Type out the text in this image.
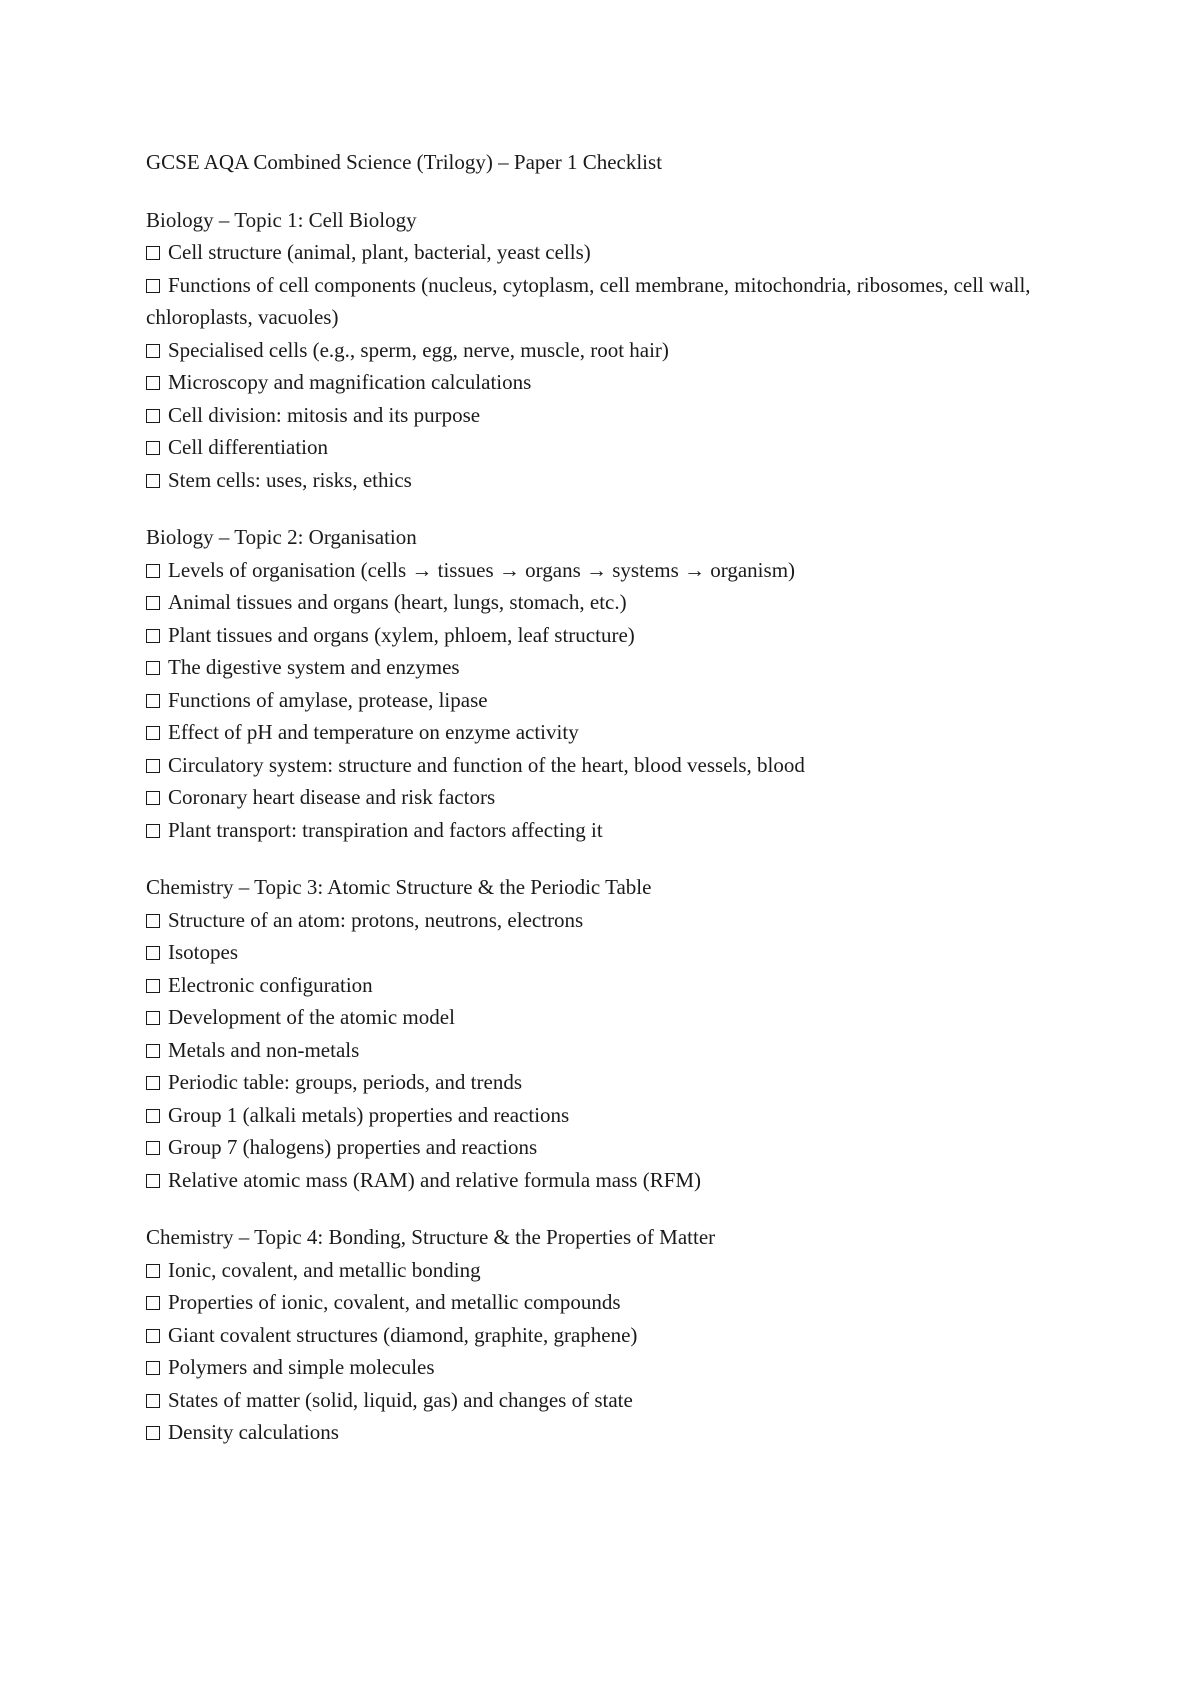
GCSE AQA Combined Science (Trilogy) – Paper 1 Checklist
Biology – Topic 1: Cell Biology
Cell structure (animal, plant, bacterial, yeast cells)
Functions of cell components (nucleus, cytoplasm, cell membrane, mitochondria, ribosomes, cell wall, chloroplasts, vacuoles)
Specialised cells (e.g., sperm, egg, nerve, muscle, root hair)
Microscopy and magnification calculations
Cell division: mitosis and its purpose
Cell differentiation
Stem cells: uses, risks, ethics
Biology – Topic 2: Organisation
Levels of organisation (cells → tissues → organs → systems → organism)
Animal tissues and organs (heart, lungs, stomach, etc.)
Plant tissues and organs (xylem, phloem, leaf structure)
The digestive system and enzymes
Functions of amylase, protease, lipase
Effect of pH and temperature on enzyme activity
Circulatory system: structure and function of the heart, blood vessels, blood
Coronary heart disease and risk factors
Plant transport: transpiration and factors affecting it
Chemistry – Topic 3: Atomic Structure & the Periodic Table
Structure of an atom: protons, neutrons, electrons
Isotopes
Electronic configuration
Development of the atomic model
Metals and non-metals
Periodic table: groups, periods, and trends
Group 1 (alkali metals) properties and reactions
Group 7 (halogens) properties and reactions
Relative atomic mass (RAM) and relative formula mass (RFM)
Chemistry – Topic 4: Bonding, Structure & the Properties of Matter
Ionic, covalent, and metallic bonding
Properties of ionic, covalent, and metallic compounds
Giant covalent structures (diamond, graphite, graphene)
Polymers and simple molecules
States of matter (solid, liquid, gas) and changes of state
Density calculations
